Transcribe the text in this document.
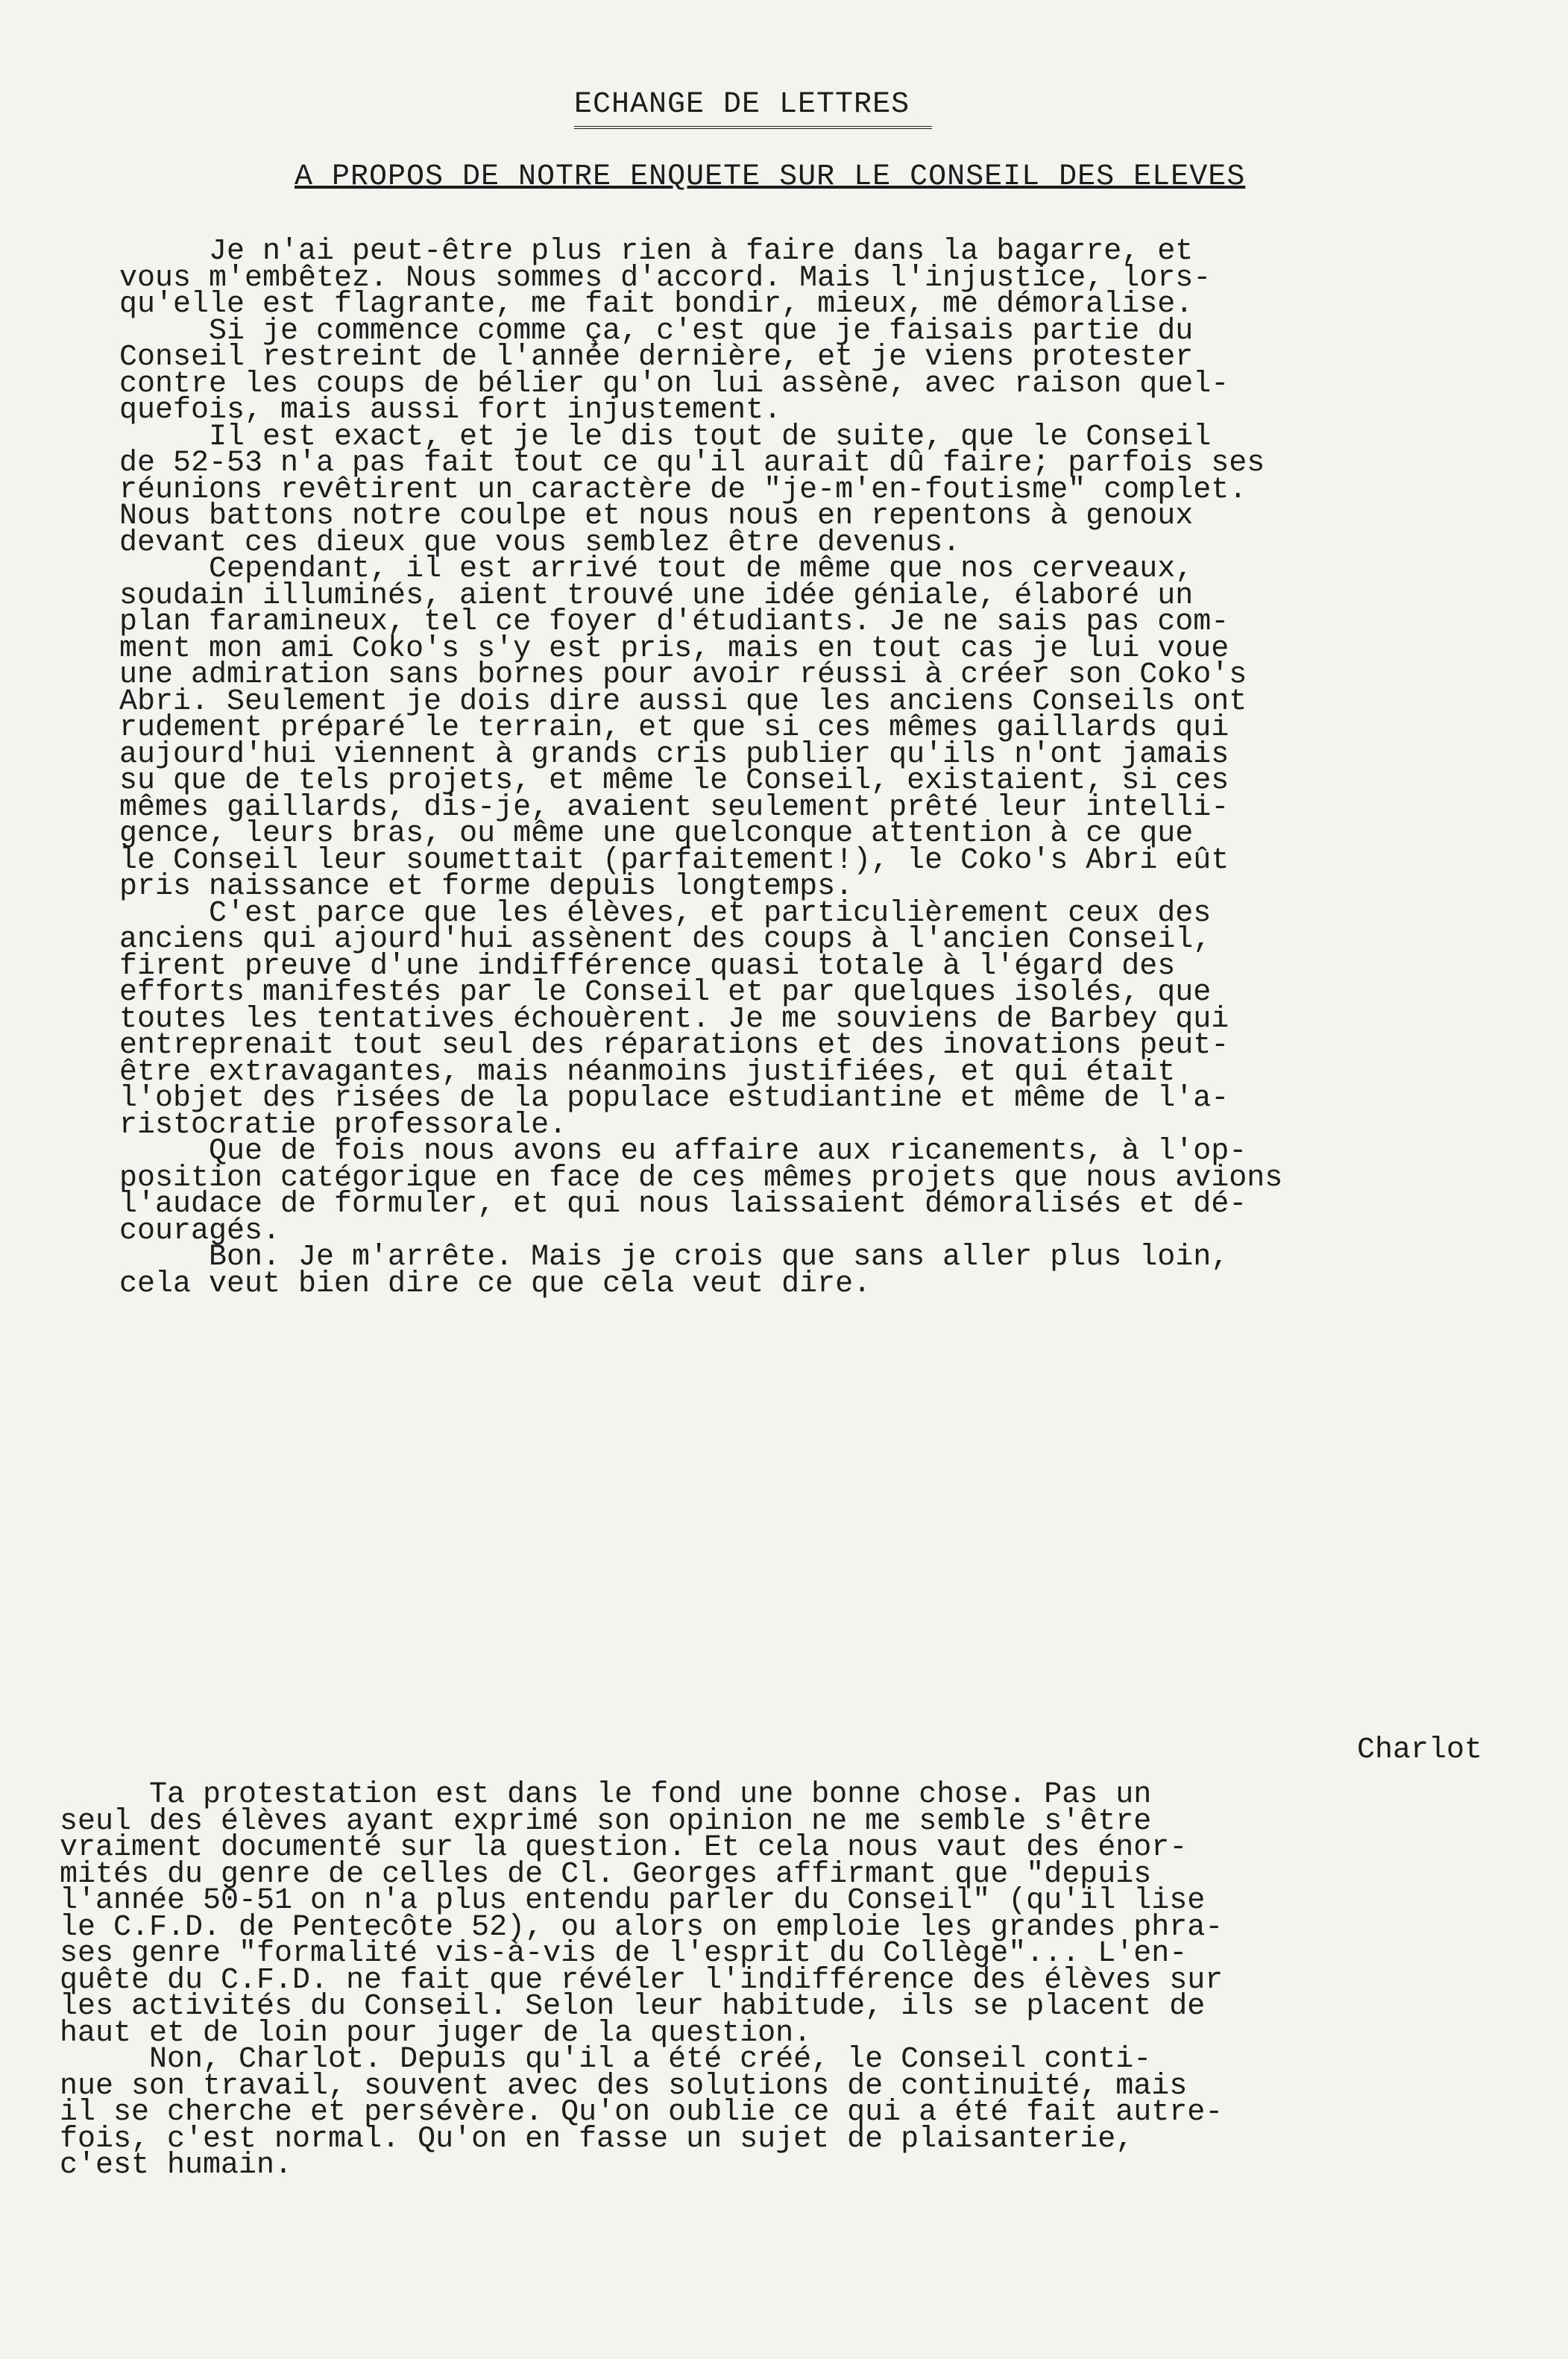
ECHANGE DE LETTRES
A PROPOS DE NOTRE ENQUETE SUR LE CONSEIL DES ELEVES
Je n'ai peut-être plus rien à faire dans la bagarre, et
vous m'embêtez. Nous sommes d'accord. Mais l'injustice, lors-
qu'elle est flagrante, me fait bondir, mieux, me démoralise.
Si je commence comme ça, c'est que je faisais partie du
Conseil restreint de l'année dernière, et je viens protester
contre les coups de bélier qu'on lui assène, avec raison quel-
quefois, mais aussi fort injustement.
Il est exact, et je le dis tout de suite, que le Conseil
de 52-53 n'a pas fait tout ce qu'il aurait dû faire; parfois ses
réunions revêtirent un caractère de "je-m'en-foutisme" complet.
Nous battons notre coulpe et nous nous en repentons à genoux
devant ces dieux que vous semblez être devenus.
Cependant, il est arrivé tout de même que nos cerveaux,
soudain illuminés, aient trouvé une idée géniale, élaboré un
plan faramineux, tel ce foyer d'étudiants. Je ne sais pas com-
ment mon ami Coko's s'y est pris, mais en tout cas je lui voue
une admiration sans bornes pour avoir réussi à créer son Coko's
Abri. Seulement je dois dire aussi que les anciens Conseils ont
rudement préparé le terrain, et que si ces mêmes gaillards qui
aujourd'hui viennent à grands cris publier qu'ils n'ont jamais
su que de tels projets, et même le Conseil, existaient, si ces
mêmes gaillards, dis-je, avaient seulement prêté leur intelli-
gence, leurs bras, ou même une quelconque attention à ce que
le Conseil leur soumettait (parfaitement!), le Coko's Abri eût
pris naissance et forme depuis longtemps.
C'est parce que les élèves, et particulièrement ceux des
anciens qui ajourd'hui assènent des coups à l'ancien Conseil,
firent preuve d'une indifférence quasi totale à l'égard des
efforts manifestés par le Conseil et par quelques isolés, que
toutes les tentatives échouèrent. Je me souviens de Barbey qui
entreprenait tout seul des réparations et des inovations peut-
être extravagantes, mais néanmoins justifiées, et qui était
l'objet des risées de la populace estudiantine et même de l'a-
ristocratie professorale.
Que de fois nous avons eu affaire aux ricanements, à l'op-
position catégorique en face de ces mêmes projets que nous avions
l'audace de formuler, et qui nous laissaient démoralisés et dé-
couragés.
Bon. Je m'arrête. Mais je crois que sans aller plus loin,
cela veut bien dire ce que cela veut dire.
Charlot
Ta protestation est dans le fond une bonne chose. Pas un
seul des élèves ayant exprimé son opinion ne me semble s'être
vraiment documenté sur la question. Et cela nous vaut des énor-
mités du genre de celles de Cl. Georges affirmant que "depuis
l'année 50-51 on n'a plus entendu parler du Conseil" (qu'il lise
le C.F.D. de Pentecôte 52), ou alors on emploie les grandes phra-
ses genre "formalité vis-à-vis de l'esprit du Collège"... L'en-
quête du C.F.D. ne fait que révéler l'indifférence des élèves sur
les activités du Conseil. Selon leur habitude, ils se placent de
haut et de loin pour juger de la question.
Non, Charlot. Depuis qu'il a été créé, le Conseil conti-
nue son travail, souvent avec des solutions de continuité, mais
il se cherche et persévère. Qu'on oublie ce qui a été fait autre-
fois, c'est normal. Qu'on en fasse un sujet de plaisanterie,
c'est humain.
